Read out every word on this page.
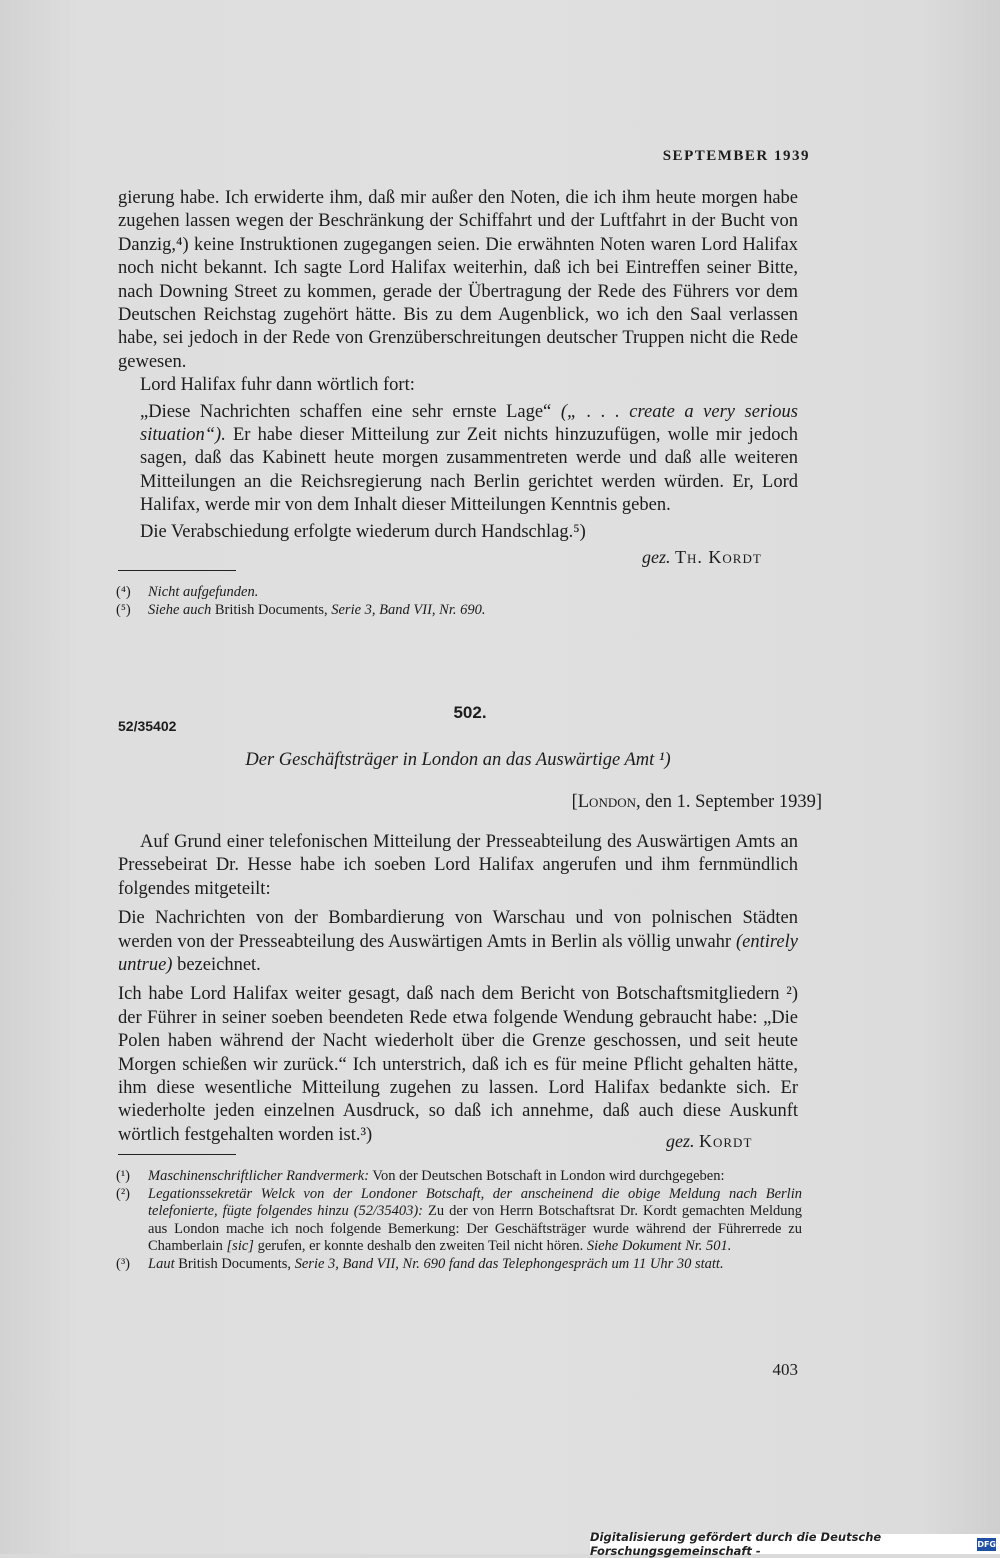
SEPTEMBER 1939

gierung habe. Ich erwiderte ihm, daß mir außer den Noten, die ich ihm heute morgen habe zugehen lassen wegen der Beschränkung der Schiffahrt und der Luftfahrt in der Bucht von Danzig,⁴) keine Instruktionen zugegangen seien. Die erwähnten Noten waren Lord Halifax noch nicht bekannt. Ich sagte Lord Halifax weiterhin, daß ich bei Eintreffen seiner Bitte, nach Downing Street zu kommen, gerade der Übertragung der Rede des Führers vor dem Deutschen Reichstag zugehört hätte. Bis zu dem Augenblick, wo ich den Saal verlassen habe, sei jedoch in der Rede von Grenzüberschreitungen deutscher Truppen nicht die Rede gewesen.

Lord Halifax fuhr dann wörtlich fort:

„Diese Nachrichten schaffen eine sehr ernste Lage“ („ . . . create a very serious situation“). Er habe dieser Mitteilung zur Zeit nichts hinzuzufügen, wolle mir jedoch sagen, daß das Kabinett heute morgen zusammentreten werde und daß alle weiteren Mitteilungen an die Reichsregierung nach Berlin gerichtet werden würden. Er, Lord Halifax, werde mir von dem Inhalt dieser Mitteilungen Kenntnis geben.

Die Verabschiedung erfolgte wiederum durch Handschlag.⁵)

gez. Th. Kordt
(⁴)	Nicht aufgefunden.
(⁵)	Siehe auch British Documents, Serie 3, Band VII, Nr. 690.
502.
52/35402
Der Geschäftsträger in London an das Auswärtige Amt ¹)
[London, den 1. September 1939]

Auf Grund einer telefonischen Mitteilung der Presseabteilung des Auswärtigen Amts an Pressebeirat Dr. Hesse habe ich soeben Lord Halifax angerufen und ihm fernmündlich folgendes mitgeteilt:

Die Nachrichten von der Bombardierung von Warschau und von polnischen Städten werden von der Presseabteilung des Auswärtigen Amts in Berlin als völlig unwahr (entirely untrue) bezeichnet.

Ich habe Lord Halifax weiter gesagt, daß nach dem Bericht von Botschaftsmitgliedern ²) der Führer in seiner soeben beendeten Rede etwa folgende Wendung gebraucht habe: „Die Polen haben während der Nacht wiederholt über die Grenze geschossen, und seit heute Morgen schießen wir zurück.“ Ich unterstrich, daß ich es für meine Pflicht gehalten hätte, ihm diese wesentliche Mitteilung zugehen zu lassen. Lord Halifax bedankte sich. Er wiederholte jeden einzelnen Ausdruck, so daß ich annehme, daß auch diese Auskunft wörtlich festgehalten worden ist.³)	gez. Kordt
(¹)	Maschinenschriftlicher Randvermerk: Von der Deutschen Botschaft in London wird durchgegeben:
(²)	Legationssekretär Welck von der Londoner Botschaft, der anscheinend die obige Meldung nach Berlin telefonierte, fügte folgendes hinzu (52/35403): Zu der von Herrn Botschaftsrat Dr. Kordt gemachten Meldung aus London mache ich noch folgende Bemerkung: Der Geschäftsträger wurde während der Führerrede zu Chamberlain [sic] gerufen, er konnte deshalb den zweiten Teil nicht hören. Siehe Dokument Nr. 501.
(³)	Laut British Documents, Serie 3, Band VII, Nr. 690 fand das Telephongespräch um 11 Uhr 30 statt.
403
Digitalisierung gefördert durch die Deutsche Forschungsgemeinschaft -	DFG
